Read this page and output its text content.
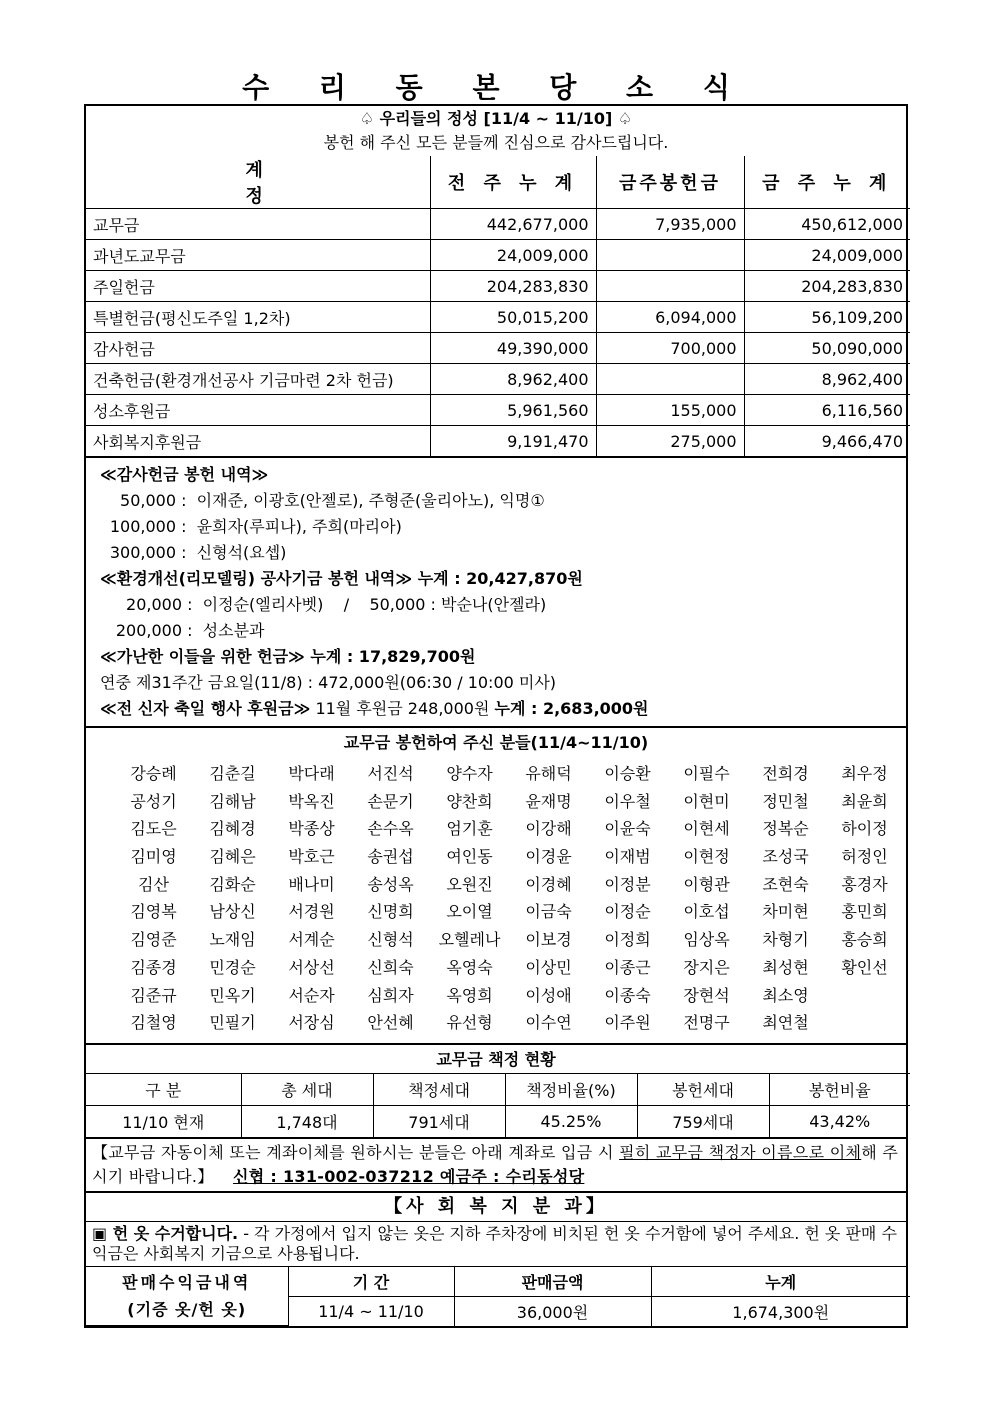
수 리 동 본 당 소 식
♤ 우리들의 정성 [11/4 ~ 11/10] ♤
봉헌 해 주신 모든 분들께 진심으로 감사드립니다.
계 정	전 주 누 계	금주봉헌금	금 주 누 계
교무금	442,677,000	7,935,000	450,612,000
과년도교무금	24,009,000		24,009,000
주일헌금	204,283,830		204,283,830
특별헌금(평신도주일 1,2차)	50,015,200	6,094,000	56,109,200
감사헌금	49,390,000	700,000	50,090,000
건축헌금(환경개선공사 기금마련 2차 헌금)	8,962,400		8,962,400
성소후원금	5,961,560	155,000	6,116,560
사회복지후원금	9,191,470	275,000	9,466,470
≪감사헌금 봉헌 내역≫
50,000 :  이재준, 이광호(안젤로), 주형준(울리아노), 익명①
100,000 :  윤희자(루피나), 주희(마리아)
300,000 :  신형석(요셉)
≪환경개선(리모델링) 공사기금 봉헌 내역≫ 누계 : 20,427,870원
20,000 :  이정순(엘리사벳)    /    50,000 : 박순나(안젤라)
200,000 :  성소분과
≪가난한 이들을 위한 헌금≫ 누계 : 17,829,700원
연중 제31주간 금요일(11/8) : 472,000원(06:30 / 10:00 미사)
≪전 신자 축일 행사 후원금≫ 11월 후원금 248,000원 누계 : 2,683,000원
교무금 봉헌하여 주신 분들(11/4~11/10)
강승례	김춘길	박다래	서진석	양수자	유해덕	이승환	이필수	전희경	최우정
공성기	김해남	박옥진	손문기	양찬희	윤재명	이우철	이현미	정민철	최윤희
김도은	김혜경	박종상	손수옥	엄기훈	이강해	이윤숙	이현세	정복순	하이정
김미영	김혜은	박호근	송권섭	여인동	이경윤	이재범	이현정	조성국	허정인
김산	김화순	배나미	송성옥	오원진	이경혜	이정분	이형관	조현숙	홍경자
김영복	남상신	서경원	신명희	오이열	이금숙	이정순	이호섭	차미현	홍민희
김영준	노재임	서계순	신형석	오헬레나	이보경	이정희	임상옥	차형기	홍승희
김종경	민경순	서상선	신희숙	옥영숙	이상민	이종근	장지은	최성현	황인선
김준규	민옥기	서순자	심희자	옥영희	이성애	이종숙	장현석	최소영
김철영	민필기	서장심	안선혜	유선형	이수연	이주원	전명구	최연철
교무금 책정 현황
구 분	총 세대	책정세대	책정비율(%)	봉헌세대	봉헌비율
11/10 현재	1,748대	791세대	45.25%	759세대	43,42%
【교무금 자동이체 또는 계좌이체를 원하시는 분들은 아래 계좌로 입금 시 필히 교무금 책정자 이름으로 이체해 주시기 바랍니다.】 신협 : 131-002-037212 예금주 : 수리동성당
【사 회 복 지 분 과】
▣ 헌 옷 수거합니다. - 각 가정에서 입지 않는 옷은 지하 주차장에 비치된 헌 옷 수거함에 넣어 주세요. 헌 옷 판매 수익금은 사회복지 기금으로 사용됩니다.
판매수익금내역
(기증 옷/헌 옷)	기 간	판매금액	누계
	11/4 ~ 11/10	36,000원	1,674,300원
